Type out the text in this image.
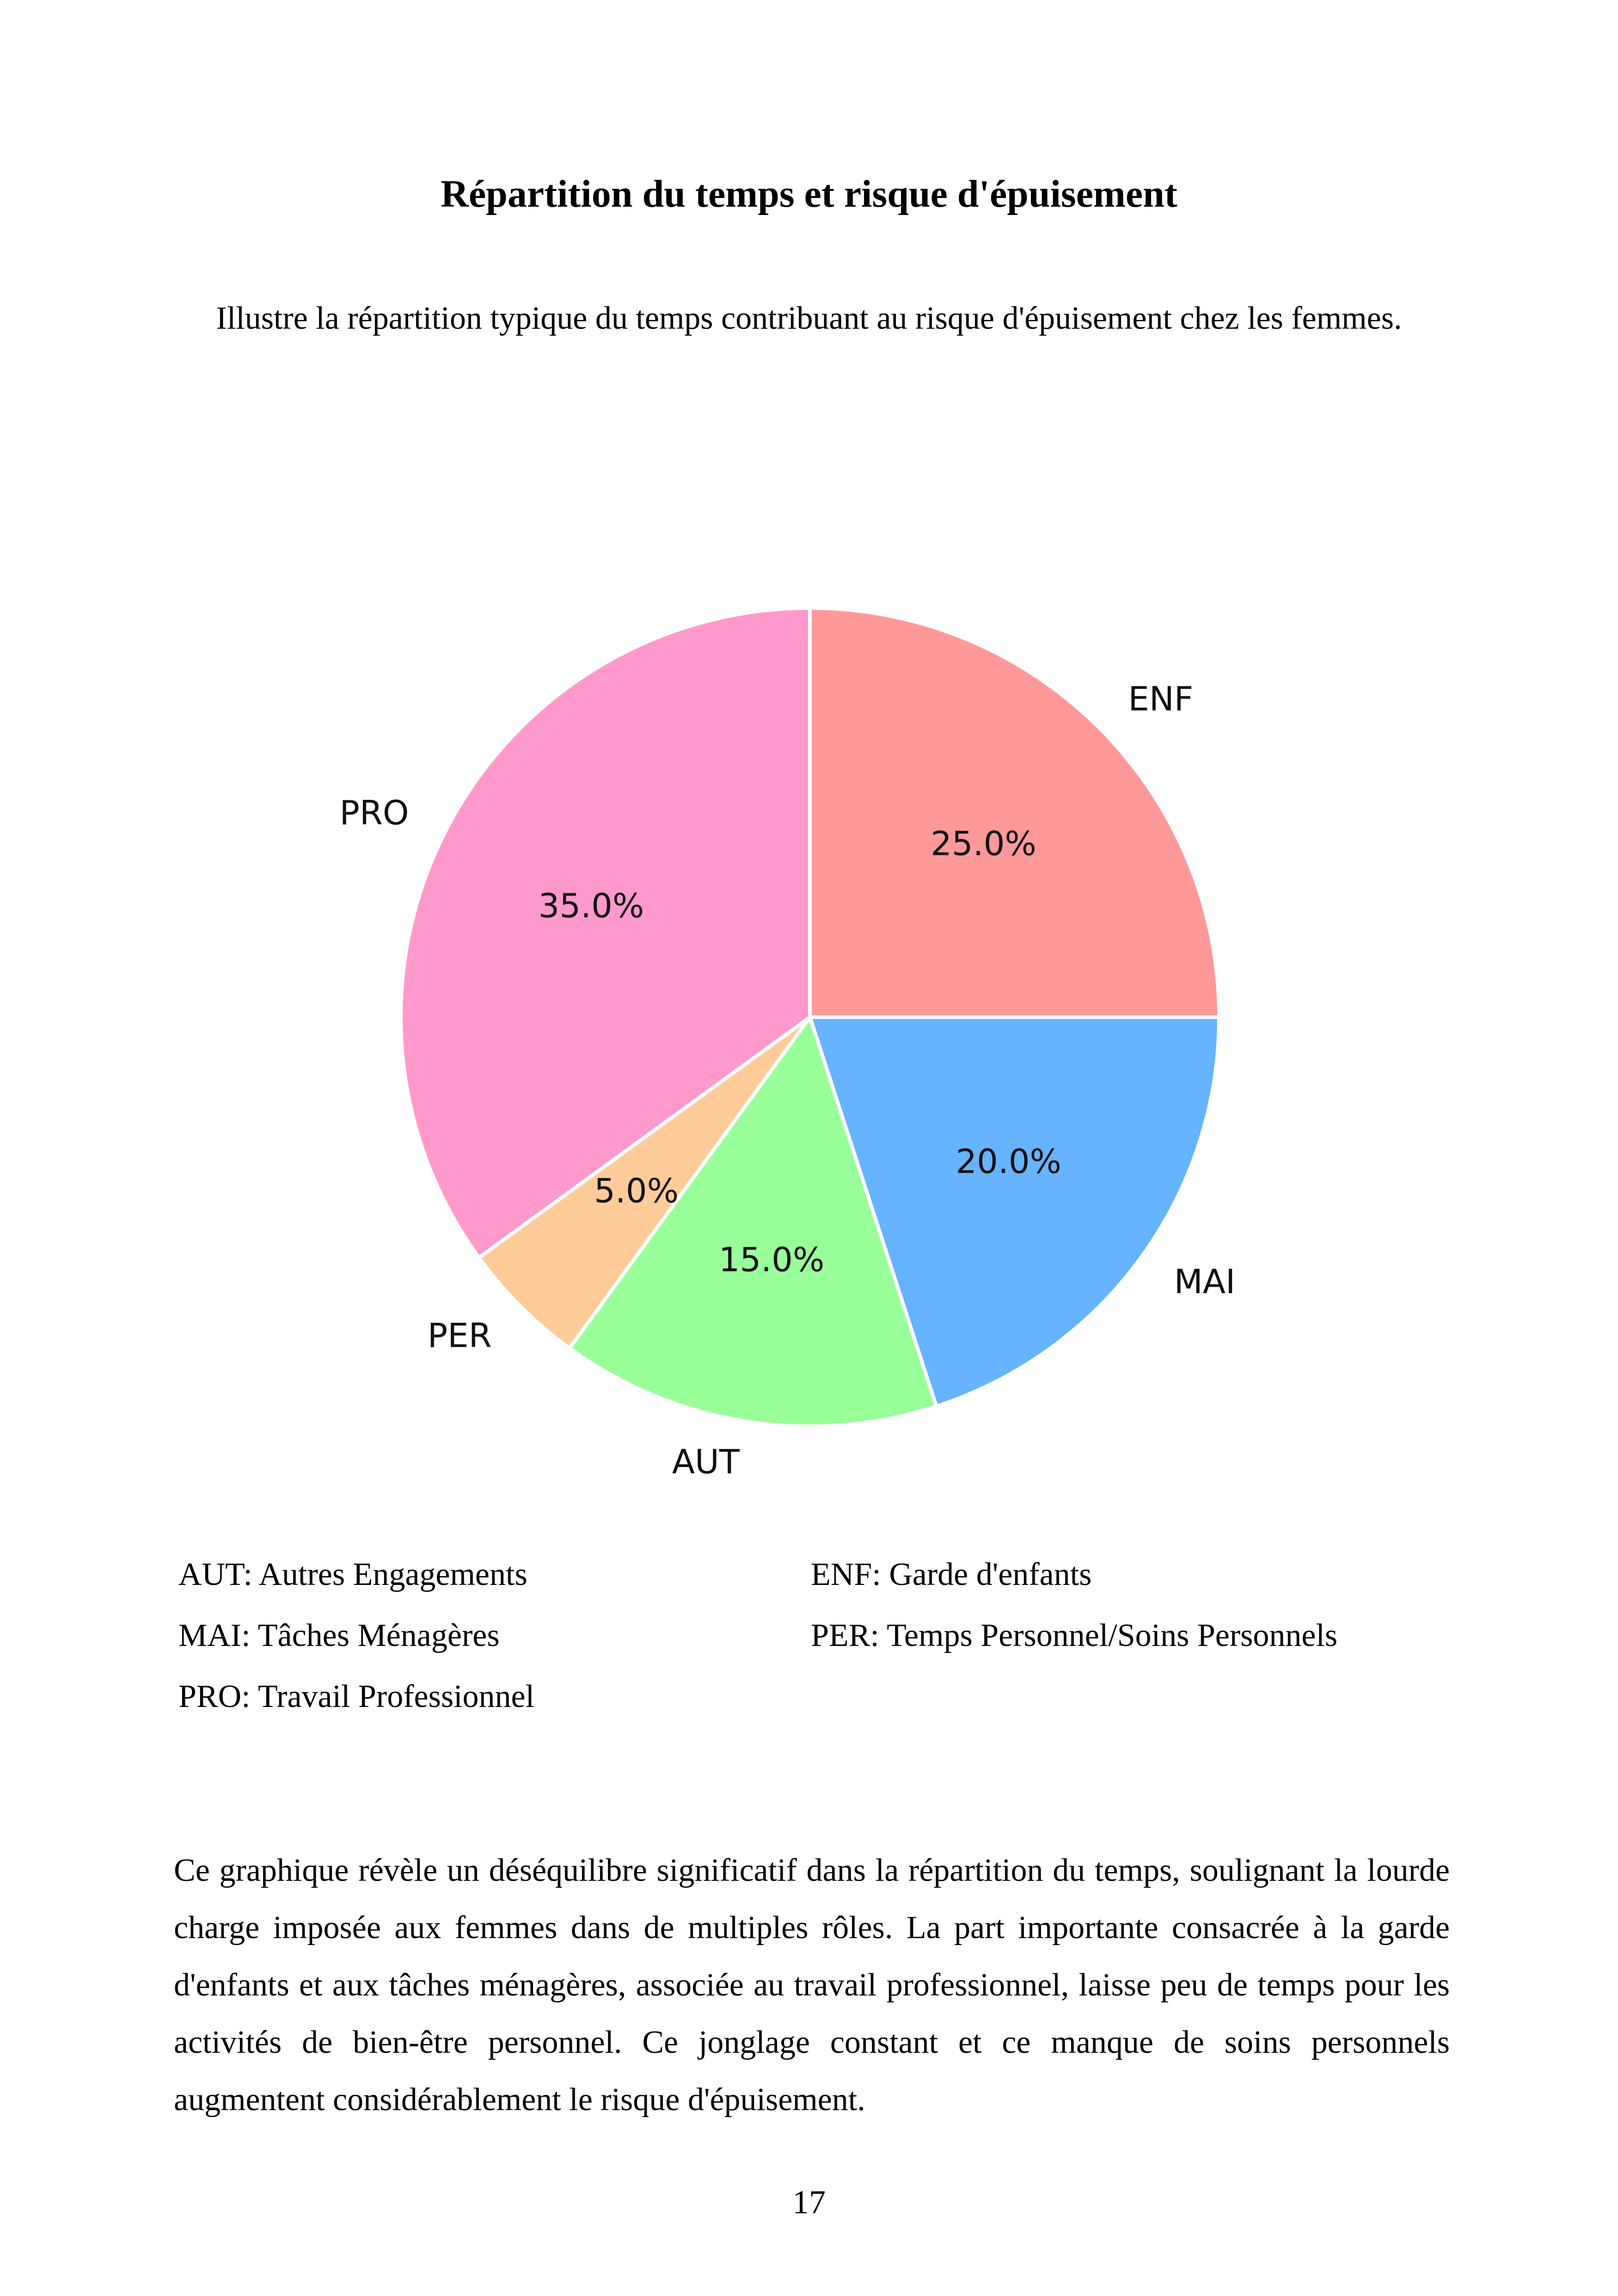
Répartition du temps et risque d'épuisement
Illustre la répartition typique du temps contribuant au risque d'épuisement chez les femmes.
25.0%
ENF
20.0%
MAI
15.0%
AUT
5.0%
PER
35.0%
PRO
AUT: Autres Engagements	ENF: Garde d'enfants
MAI: Tâches Ménagères	PER: Temps Personnel/Soins Personnels
PRO: Travail Professionnel
Ce graphique révèle un déséquilibre significatif dans la répartition du temps, soulignant la lourde charge imposée aux femmes dans de multiples rôles. La part importante consacrée à la garde d'enfants et aux tâches ménagères, associée au travail professionnel, laisse peu de temps pour les activités de bien-être personnel. Ce jonglage constant et ce manque de soins personnels augmentent considérablement le risque d'épuisement.
17
